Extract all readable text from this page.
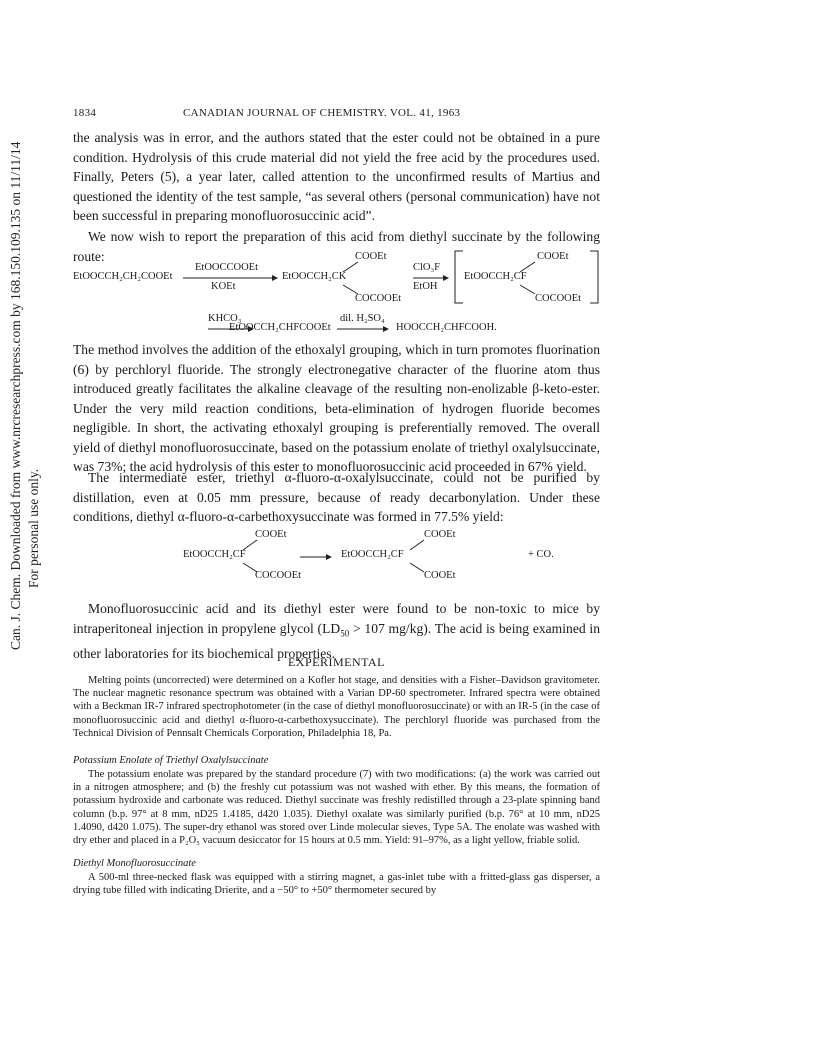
Can. J. Chem. Downloaded from www.nrcresearchpress.com by 168.150.109.135 on 11/11/14 For personal use only.
1834	CANADIAN JOURNAL OF CHEMISTRY. VOL. 41, 1963
the analysis was in error, and the authors stated that the ester could not be obtained in a pure condition. Hydrolysis of this crude material did not yield the free acid by the procedures used. Finally, Peters (5), a year later, called attention to the unconfirmed results of Martius and questioned the identity of the test sample, “as several others (personal communication) have not been successful in preparing monofluorosuccinic acid”.
We now wish to report the preparation of this acid from diethyl succinate by the following route:
EtOOCCH₂CH₂COOEt
EtOOCCOOEt
KOEt
COOEt
EtOOCCH₂CK
COCOOEt
ClO₃F
EtOH
COOEt
EtOOCCH₂CF
COCOOEt
KHCO₃
EtOOCCH₂CHFCOOEt
dil. H₂SO₄
HOOCCH₂CHFCOOH.
The method involves the addition of the ethoxalyl grouping, which in turn promotes fluorination (6) by perchloryl fluoride. The strongly electronegative character of the fluorine atom thus introduced greatly facilitates the alkaline cleavage of the resulting non-enolizable β-keto-ester. Under the very mild reaction conditions, beta-elimination of hydrogen fluoride becomes negligible. In short, the activating ethoxalyl grouping is preferentially removed. The overall yield of diethyl monofluorosuccinate, based on the potassium enolate of triethyl oxalylsuccinate, was 73%; the acid hydrolysis of this ester to monofluorosuccinic acid proceeded in 67% yield.
The intermediate ester, triethyl α-fluoro-α-oxalylsuccinate, could not be purified by distillation, even at 0.05 mm pressure, because of ready decarbonylation. Under these conditions, diethyl α-fluoro-α-carbethoxysuccinate was formed in 77.5% yield:
COOEt
EtOOCCH₂CF
COCOOEt
COOEt
EtOOCCH₂CF
COOEt
+ CO.
Monofluorosuccinic acid and its diethyl ester were found to be non-toxic to mice by intraperitoneal injection in propylene glycol ($LD_{50} > 107$ mg/kg). The acid is being examined in other laboratories for its biochemical properties.
EXPERIMENTAL
Melting points (uncorrected) were determined on a Kofler hot stage, and densities with a Fisher–Davidson gravitometer. The nuclear magnetic resonance spectrum was obtained with a Varian DP-60 spectrometer. Infrared spectra were obtained with a Beckman IR-7 infrared spectrophotometer (in the case of diethyl monofluorosuccinate) or with an IR-5 (in the case of monofluorosuccinic acid and diethyl α-fluoro-α-carbethoxysuccinate). The perchloryl fluoride was purchased from the Technical Division of Pennsalt Chemicals Corporation, Philadelphia 18, Pa.
Potassium Enolate of Triethyl Oxalylsuccinate
The potassium enolate was prepared by the standard procedure (7) with two modifications: (a) the work was carried out in a nitrogen atmosphere; and (b) the freshly cut potassium was not washed with ether. By this means, the formation of potassium hydroxide and carbonate was reduced. Diethyl succinate was freshly redistilled through a 23-plate spinning band column (b.p. 97° at 8 mm, nD25 1.4185, d420 1.035). Diethyl oxalate was similarly purified (b.p. 76° at 10 mm, nD25 1.4090, d420 1.075). The super-dry ethanol was stored over Linde molecular sieves, Type 5A. The enolate was washed with dry ether and placed in a P₂O₅ vacuum desiccator for 15 hours at 0.5 mm. Yield: 91–97%, as a light yellow, friable solid.
Diethyl Monofluorosuccinate
A 500-ml three-necked flask was equipped with a stirring magnet, a gas-inlet tube with a fritted-glass gas disperser, a drying tube filled with indicating Drierite, and a −50° to +50° thermometer secured by
